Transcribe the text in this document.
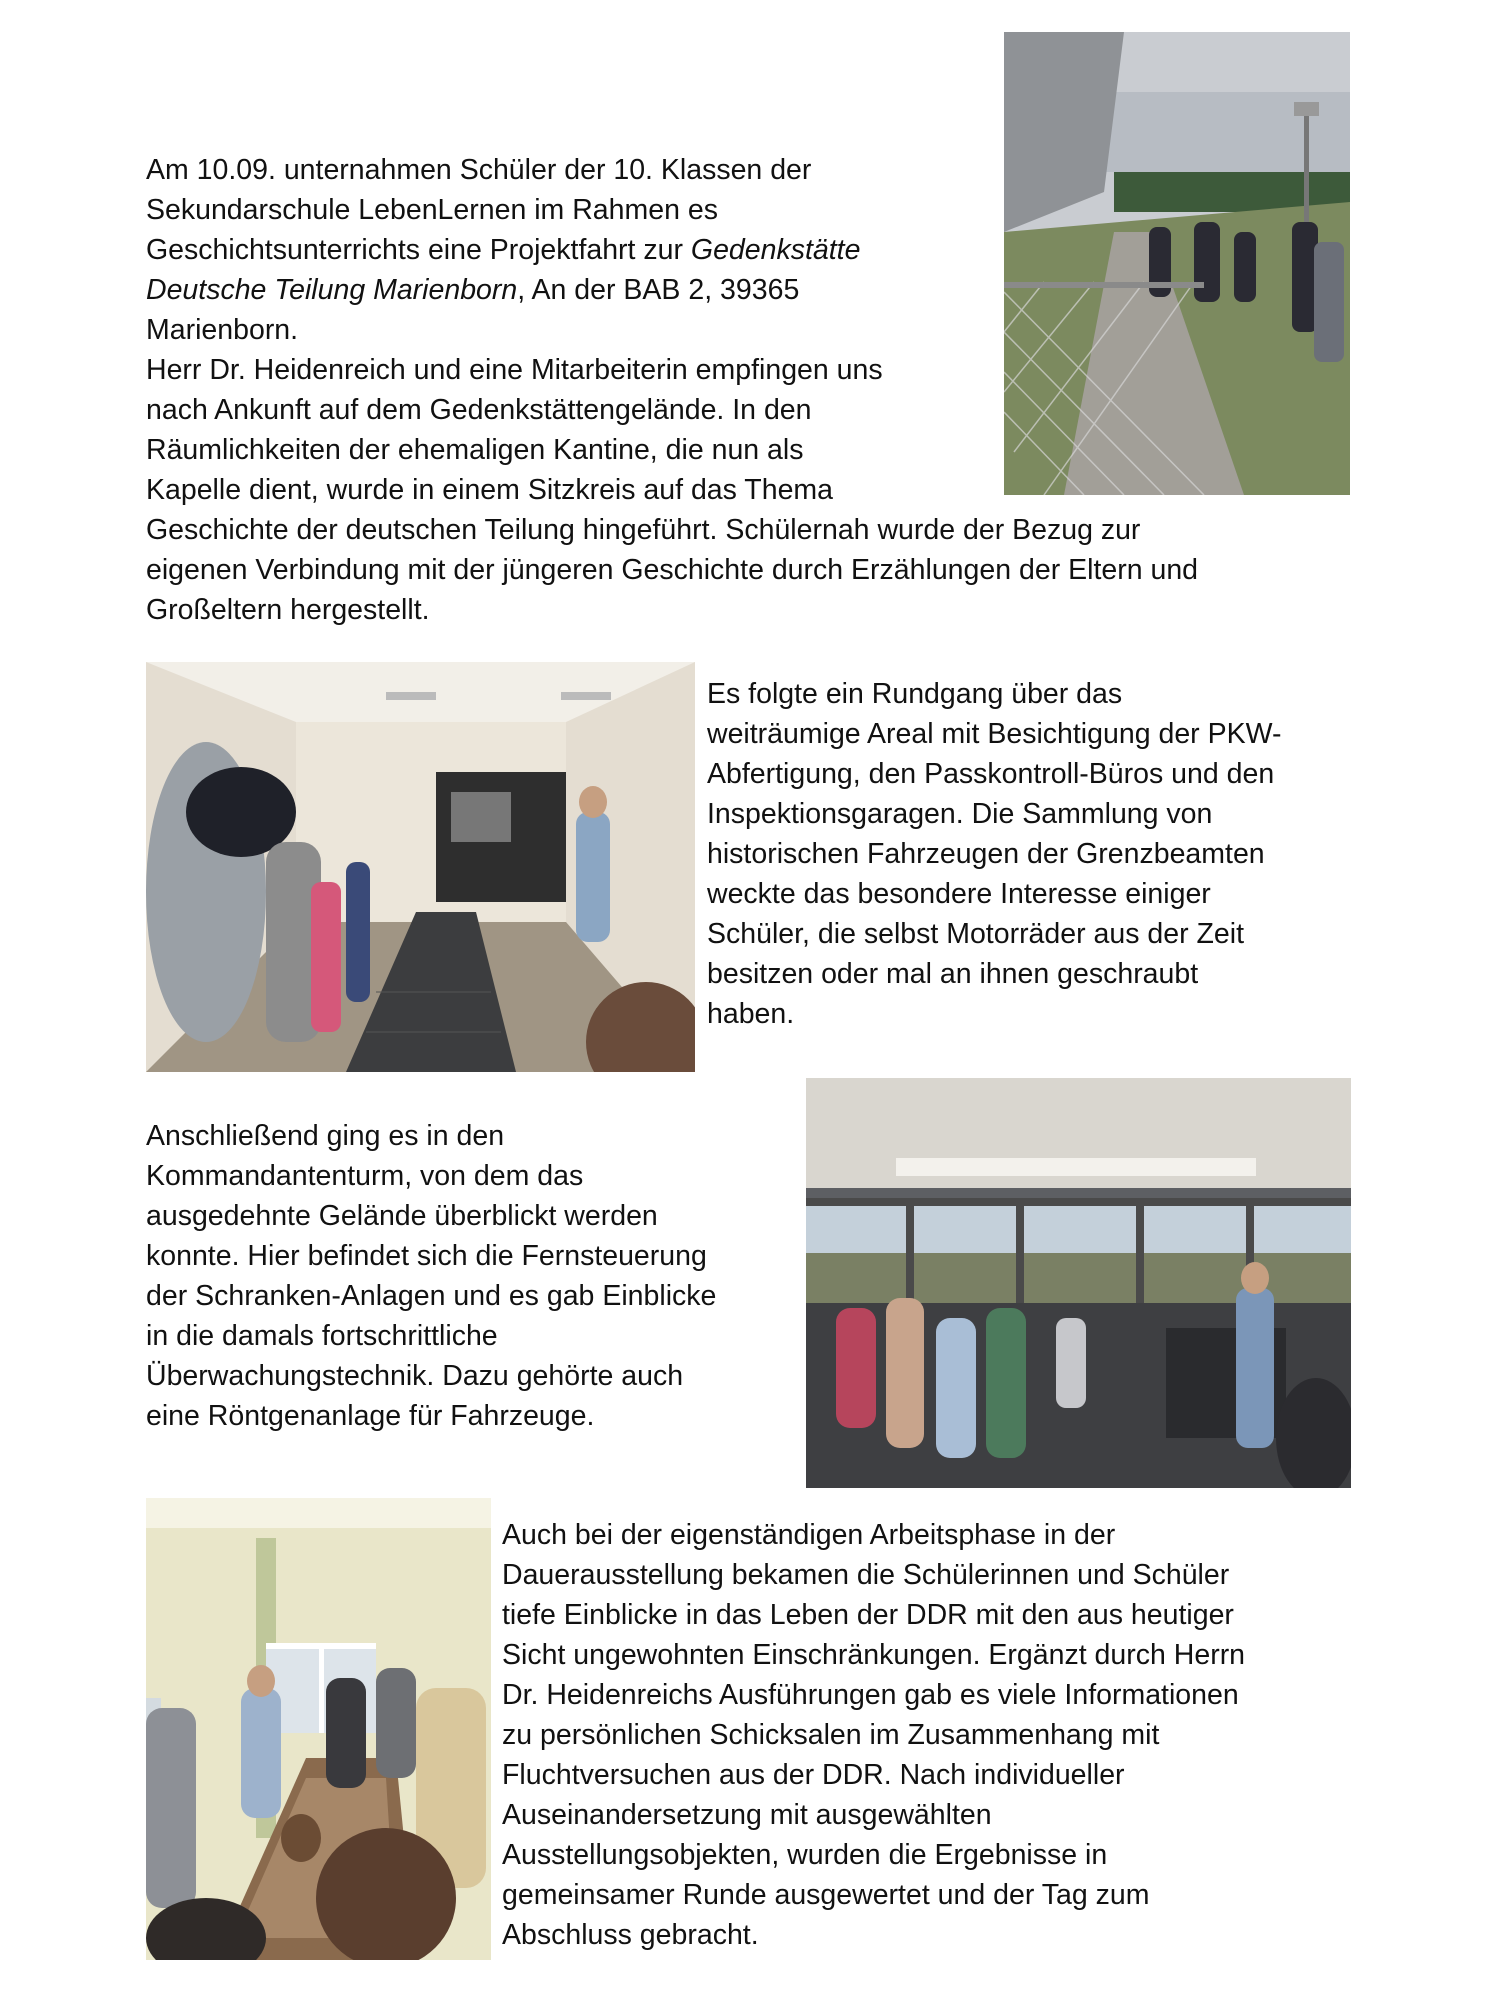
Am 10.09. unternahmen Schüler der 10. Klassen der
Sekundarschule LebenLernen im Rahmen es
Geschichtsunterrichts eine Projektfahrt zur Gedenkstätte
Deutsche Teilung Marienborn, An der BAB 2, 39365
Marienborn.
Herr Dr. Heidenreich und eine Mitarbeiterin empfingen uns
nach Ankunft auf dem Gedenkstättengelände. In den
Räumlichkeiten der ehemaligen Kantine, die nun als
Kapelle dient, wurde in einem Sitzkreis auf das Thema
Geschichte der deutschen Teilung hingeführt. Schülernah wurde der Bezug zur
eigenen Verbindung mit der jüngeren Geschichte durch Erzählungen der Eltern und
Großeltern hergestellt.
Es folgte ein Rundgang über das
weiträumige Areal mit Besichtigung der PKW-
Abfertigung, den Passkontroll-Büros und den
Inspektionsgaragen. Die Sammlung von
historischen Fahrzeugen der Grenzbeamten
weckte das besondere Interesse einiger
Schüler, die selbst Motorräder aus der Zeit
besitzen oder mal an ihnen geschraubt
haben.
Anschließend ging es in den
Kommandantenturm, von dem das
ausgedehnte Gelände überblickt werden
konnte. Hier befindet sich die Fernsteuerung
der Schranken-Anlagen und es gab Einblicke
in die damals fortschrittliche
Überwachungstechnik. Dazu gehörte auch
eine Röntgenanlage für Fahrzeuge.
Auch bei der eigenständigen Arbeitsphase in der
Dauerausstellung bekamen die Schülerinnen und Schüler
tiefe Einblicke in das Leben der DDR mit den aus heutiger
Sicht ungewohnten Einschränkungen. Ergänzt durch Herrn
Dr. Heidenreichs Ausführungen gab es viele Informationen
zu persönlichen Schicksalen im Zusammenhang mit
Fluchtversuchen aus der DDR. Nach individueller
Auseinandersetzung mit ausgewählten
Ausstellungsobjekten, wurden die Ergebnisse in
gemeinsamer Runde ausgewertet und der Tag zum
Abschluss gebracht.
